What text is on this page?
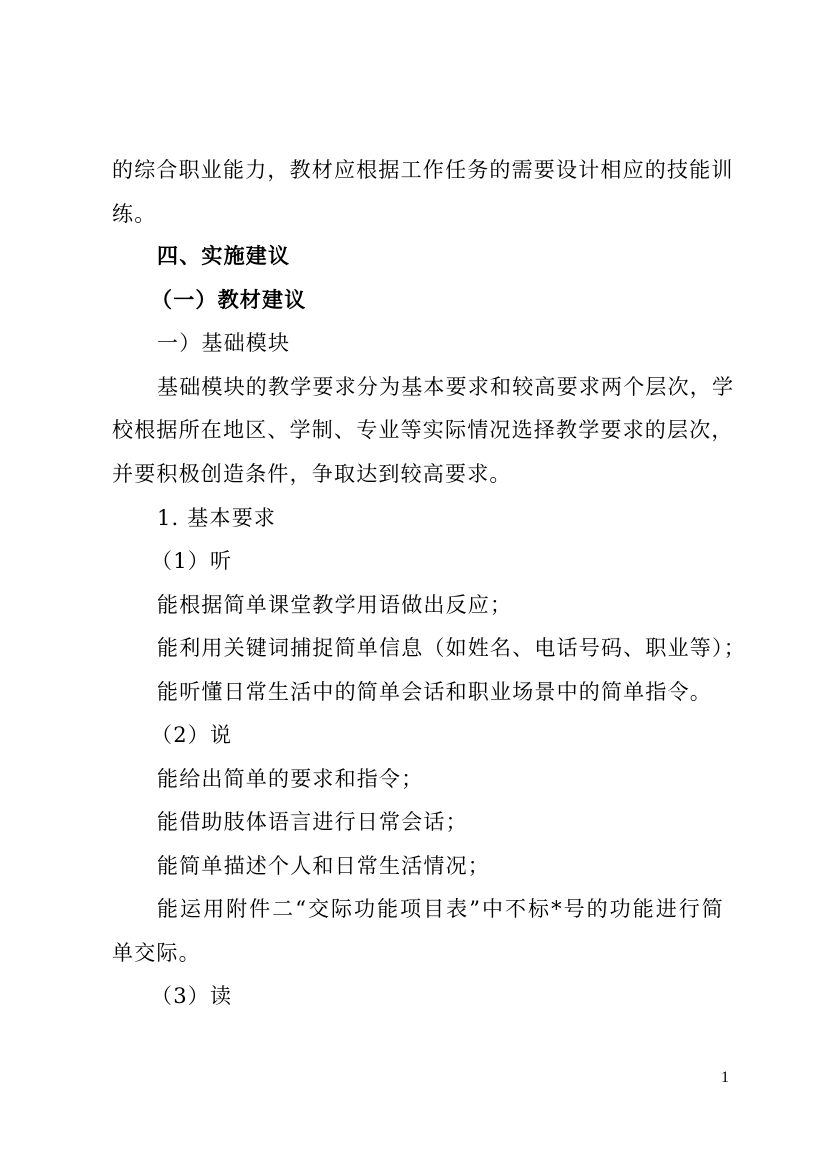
的综合职业能力，教材应根据工作任务的需要设计相应的技能训
练。
四、实施建议
（一）教材建议
一）基础模块
基础模块的教学要求分为基本要求和较高要求两个层次，学
校根据所在地区、学制、专业等实际情况选择教学要求的层次，
并要积极创造条件，争取达到较高要求。
1. 基本要求
（1）听
能根据简单课堂教学用语做出反应；
能利用关键词捕捉简单信息（如姓名、电话号码、职业等）；
能听懂日常生活中的简单会话和职业场景中的简单指令。
（2）说
能给出简单的要求和指令；
能借助肢体语言进行日常会话；
能简单描述个人和日常生活情况；
能运用附件二“交际功能项目表”中不标*号的功能进行简
单交际。
（3）读
1
